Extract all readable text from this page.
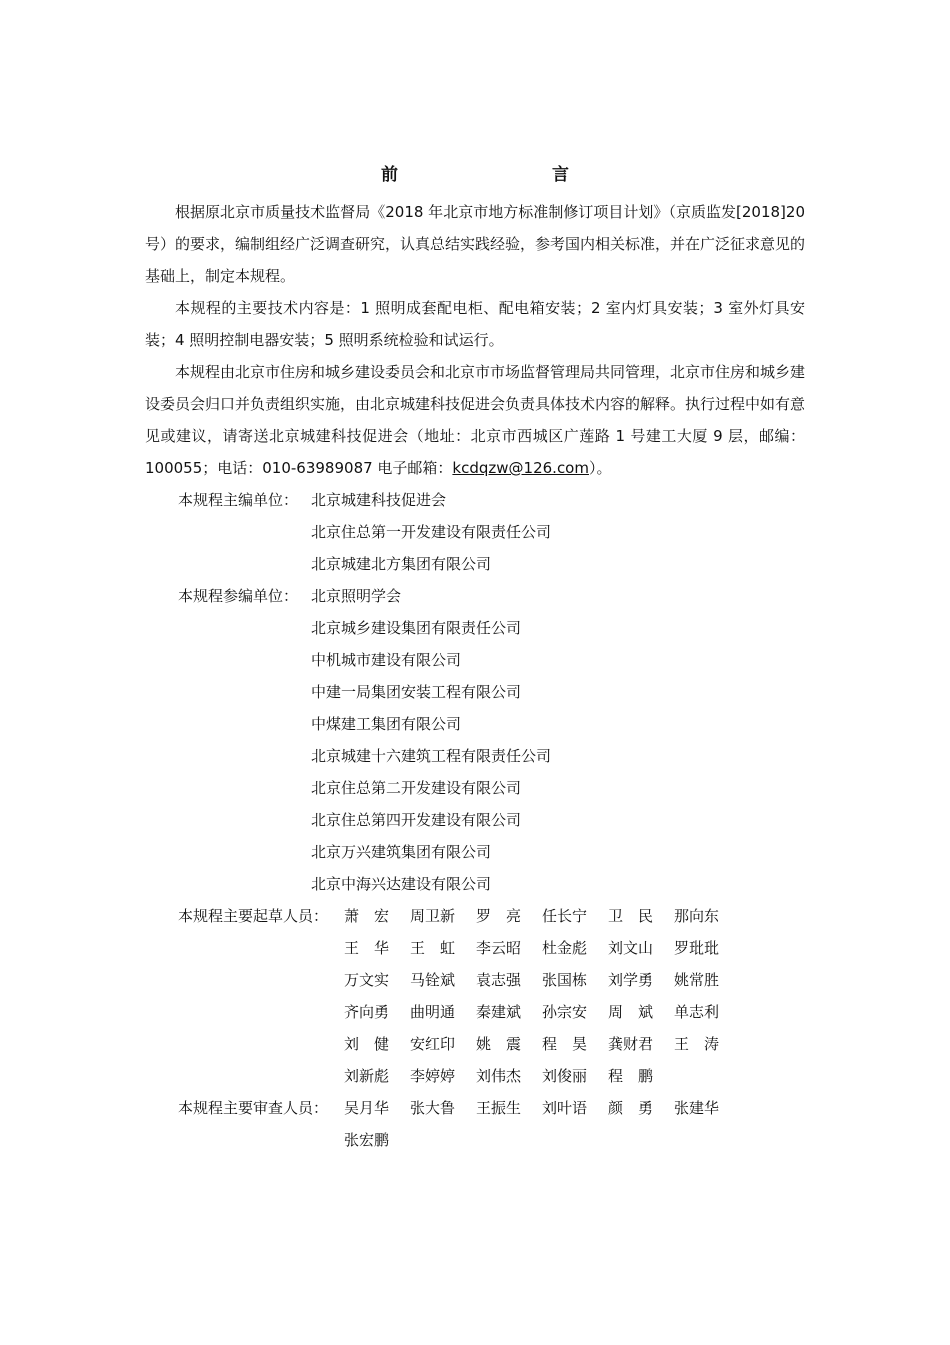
前　　言

根据原北京市质量技术监督局《2018 年北京市地方标准制修订项目计划》（京质监发[2018]20 号）的要求，编制组经广泛调查研究，认真总结实践经验，参考国内相关标准，并在广泛征求意见的基础上，制定本规程。

本规程的主要技术内容是：1 照明成套配电柜、配电箱安装；2 室内灯具安装；3 室外灯具安装；4 照明控制电器安装；5 照明系统检验和试运行。

本规程由北京市住房和城乡建设委员会和北京市市场监督管理局共同管理，北京市住房和城乡建设委员会归口并负责组织实施，由北京城建科技促进会负责具体技术内容的解释。执行过程中如有意见或建议，请寄送北京城建科技促进会（地址：北京市西城区广莲路 1 号建工大厦 9 层，邮编：100055；电话：010-63989087 电子邮箱：kcdqzw@126.com）。

本规程主编单位： 北京城建科技促进会
北京住总第一开发建设有限责任公司
北京城建北方集团有限公司
本规程参编单位： 北京照明学会
北京城乡建设集团有限责任公司
中机城市建设有限公司
中建一局集团安装工程有限公司
中煤建工集团有限公司
北京城建十六建筑工程有限责任公司
北京住总第二开发建设有限公司
北京住总第四开发建设有限公司
北京万兴建筑集团有限公司
北京中海兴达建设有限公司
本规程主要起草人员：	萧　宏	周卫新	罗　亮	任长宁	卫　民	那向东
王　华	王　虹	李云昭	杜金彪	刘文山	罗玭玭
万文实	马铨斌	袁志强	张国栋	刘学勇	姚常胜
齐向勇	曲明通	秦建斌	孙宗安	周　斌	单志利
刘　健	安红印	姚　震	程　昊	龚财君	王　涛
刘新彪	李婷婷	刘伟杰	刘俊丽	程　鹏
本规程主要审查人员：	吴月华	张大鲁	王振生	刘叶语	颜　勇	张建华
张宏鹏
